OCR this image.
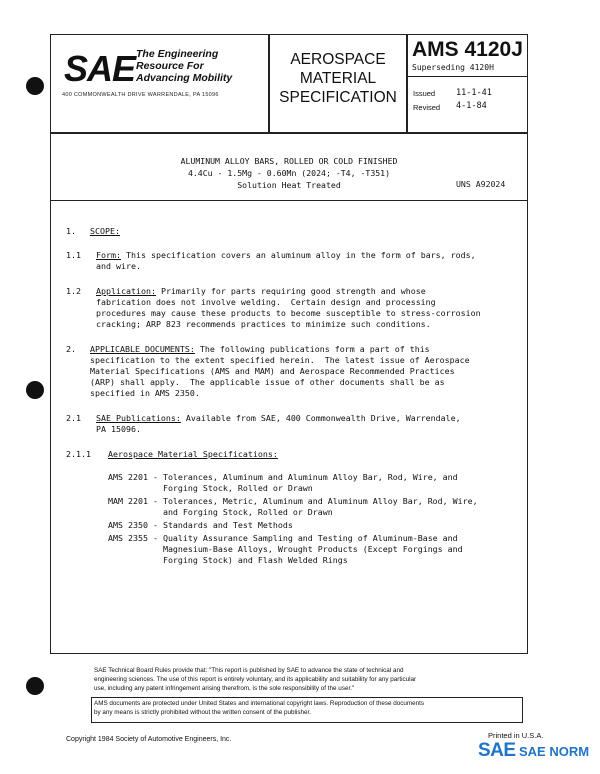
SAE The Engineering
Resource For
Advancing Mobility
400 COMMONWEALTH DRIVE WARRENDALE, PA 15096
AEROSPACE
MATERIAL
SPECIFICATION
AMS 4120J
Superseding 4120H
Issued 11-1-41
Revised 4-1-84
ALUMINUM ALLOY BARS, ROLLED OR COLD FINISHED
4.4Cu - 1.5Mg - 0.60Mn (2024; -T4, -T351)
Solution Heat Treated	UNS A92024
1. SCOPE:
1.1 Form: This specification covers an aluminum alloy in the form of bars, rods,
and wire.
1.2 Application: Primarily for parts requiring good strength and whose
fabrication does not involve welding.  Certain design and processing
procedures may cause these products to become susceptible to stress-corrosion
cracking; ARP 823 recommends practices to minimize such conditions.
2. APPLICABLE DOCUMENTS: The following publications form a part of this
specification to the extent specified herein.  The latest issue of Aerospace
Material Specifications (AMS and MAM) and Aerospace Recommended Practices
(ARP) shall apply.  The applicable issue of other documents shall be as
specified in AMS 2350.
2.1 SAE Publications: Available from SAE, 400 Commonwealth Drive, Warrendale,
PA 15096.
2.1.1 Aerospace Material Specifications:
AMS 2201 - Tolerances, Aluminum and Aluminum Alloy Bar, Rod, Wire, and
Forging Stock, Rolled or Drawn
MAM 2201 - Tolerances, Metric, Aluminum and Aluminum Alloy Bar, Rod, Wire,
and Forging Stock, Rolled or Drawn
AMS 2350 - Standards and Test Methods
AMS 2355 - Quality Assurance Sampling and Testing of Aluminum-Base and
Magnesium-Base Alloys, Wrought Products (Except Forgings and
Forging Stock) and Flash Welded Rings
SAE Technical Board Rules provide that: "This report is published by SAE to advance the state of technical and
engineering sciences. The use of this report is entirely voluntary, and its applicability and suitability for any particular
use, including any patent infringement arising therefrom, is the sole responsibility of the user."
AMS documents are protected under United States and international copyright laws. Reproduction of these documents
by any means is strictly prohibited without the written consent of the publisher.
Copyright 1984 Society of Automotive Engineers, Inc.	Printed in U.S.A.
SAE SAE NORM
